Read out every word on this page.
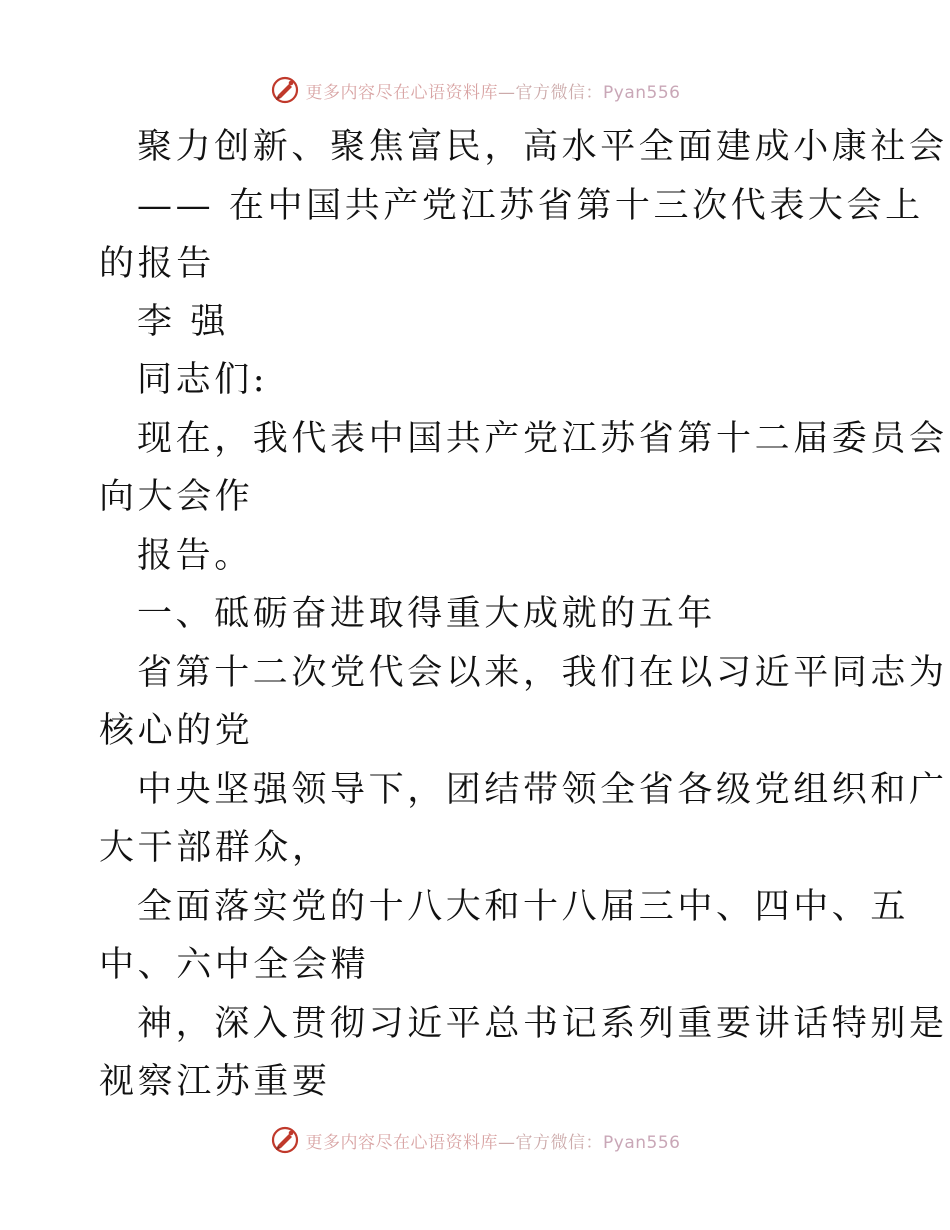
更多内容尽在心语资料库—官方微信：Pyan556
聚力创新、聚焦富民，高水平全面建成小康社会
—— 在中国共产党江苏省第十三次代表大会上
的报告
李 强
同志们:
现在，我代表中国共产党江苏省第十二届委员会
向大会作
报告。
一、砥砺奋进取得重大成就的五年
省第十二次党代会以来，我们在以习近平同志为
核心的党
中央坚强领导下，团结带领全省各级党组织和广
大干部群众，
全面落实党的十八大和十八届三中、四中、五
中、六中全会精
神，深入贯彻习近平总书记系列重要讲话特别是
视察江苏重要
更多内容尽在心语资料库—官方微信：Pyan556
